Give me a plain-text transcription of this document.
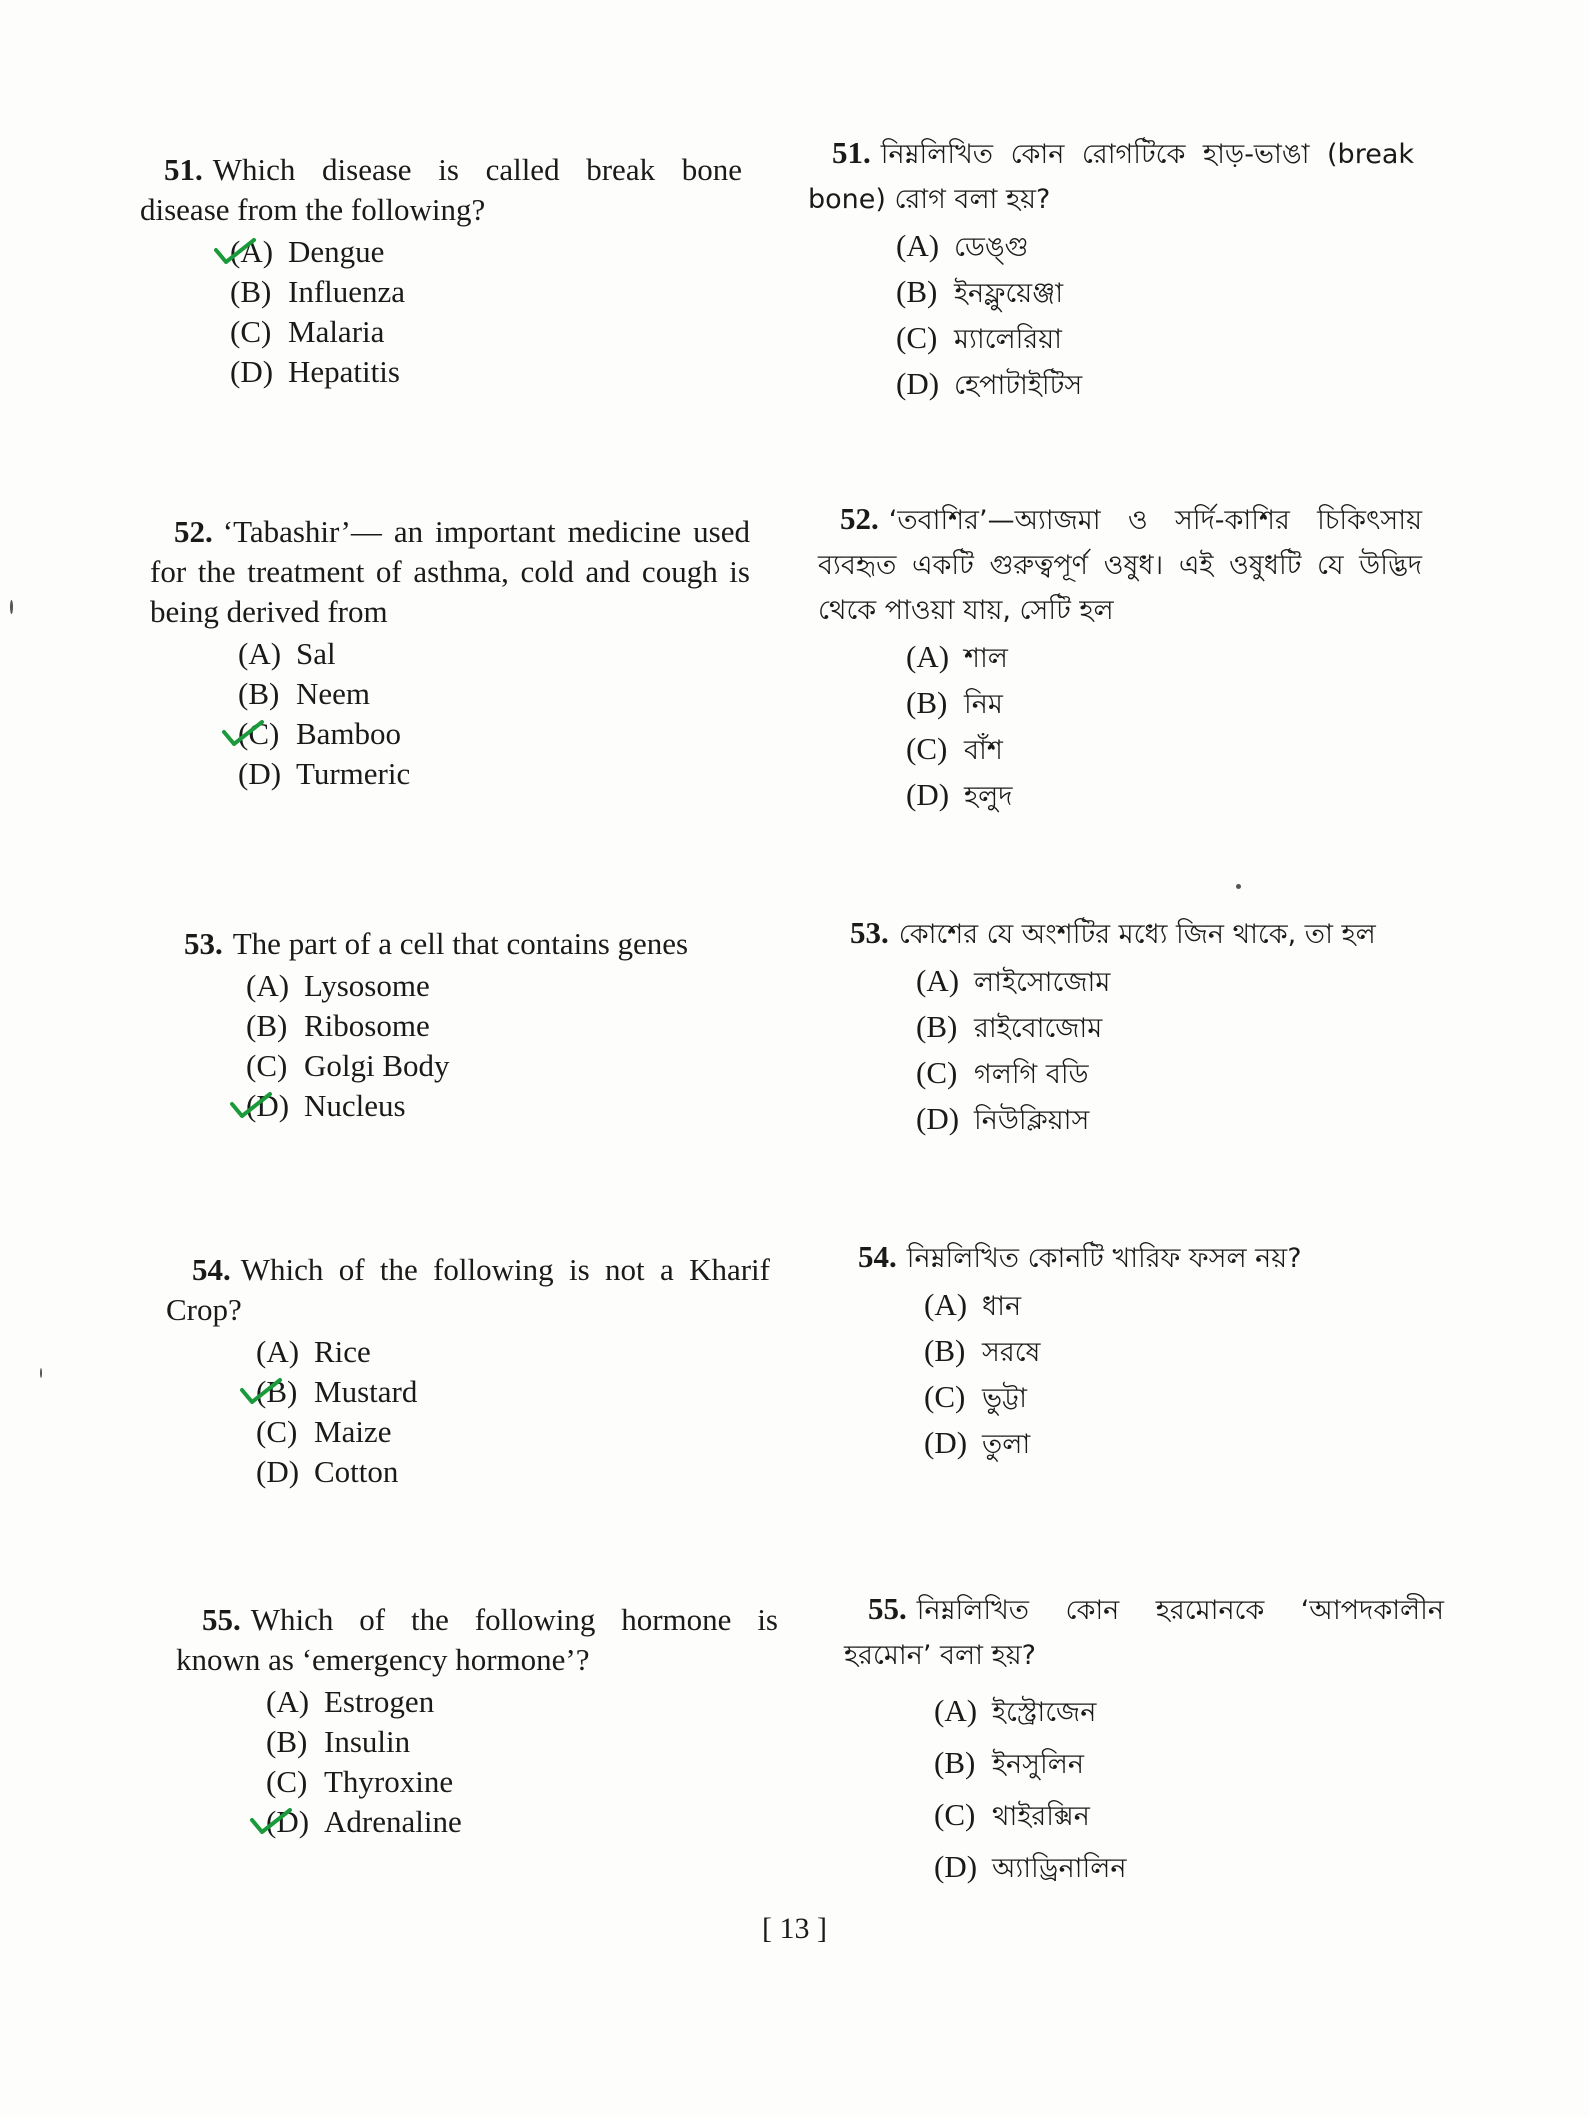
51. Which disease is called break bone disease from the following?
(A) Dengue
(B) Influenza
(C) Malaria
(D) Hepatitis
52. ‘Tabashir’— an important medicine used for the treatment of asthma, cold and cough is being derived from
(A) Sal
(B) Neem
(C) Bamboo
(D) Turmeric
53. The part of a cell that contains genes
(A) Lysosome
(B) Ribosome
(C) Golgi Body
(D) Nucleus
54. Which of the following is not a Kharif Crop?
(A) Rice
(B) Mustard
(C) Maize
(D) Cotton
55. Which of the following hormone is known as ‘emergency hormone’?
(A) Estrogen
(B) Insulin
(C) Thyroxine
(D) Adrenaline
51. নিম্নলিখিত কোন রোগটিকে হাড়-ভাঙা (break bone) রোগ বলা হয়?
(A) ডেঙ্গু
(B) ইনফ্লুয়েঞ্জা
(C) ম্যালেরিয়া
(D) হেপাটাইটিস
52. ‘তবাশির’—অ্যাজমা ও সর্দি-কাশির চিকিৎসায় ব্যবহৃত একটি গুরুত্বপূর্ণ ওষুধ। এই ওষুধটি যে উদ্ভিদ থেকে পাওয়া যায়, সেটি হল
(A) শাল
(B) নিম
(C) বাঁশ
(D) হলুদ
53. কোশের যে অংশটির মধ্যে জিন থাকে, তা হল
(A) লাইসোজোম
(B) রাইবোজোম
(C) গলগি বডি
(D) নিউক্লিয়াস
54. নিম্নলিখিত কোনটি খারিফ ফসল নয়?
(A) ধান
(B) সরষে
(C) ভুট্টা
(D) তুলা
55. নিম্নলিখিত কোন হরমোনকে ‘আপদকালীন হরমোন’ বলা হয়?
(A) ইস্ট্রোজেন
(B) ইনসুলিন
(C) থাইরক্সিন
(D) অ্যাড্রিনালিন
[ 13 ]
